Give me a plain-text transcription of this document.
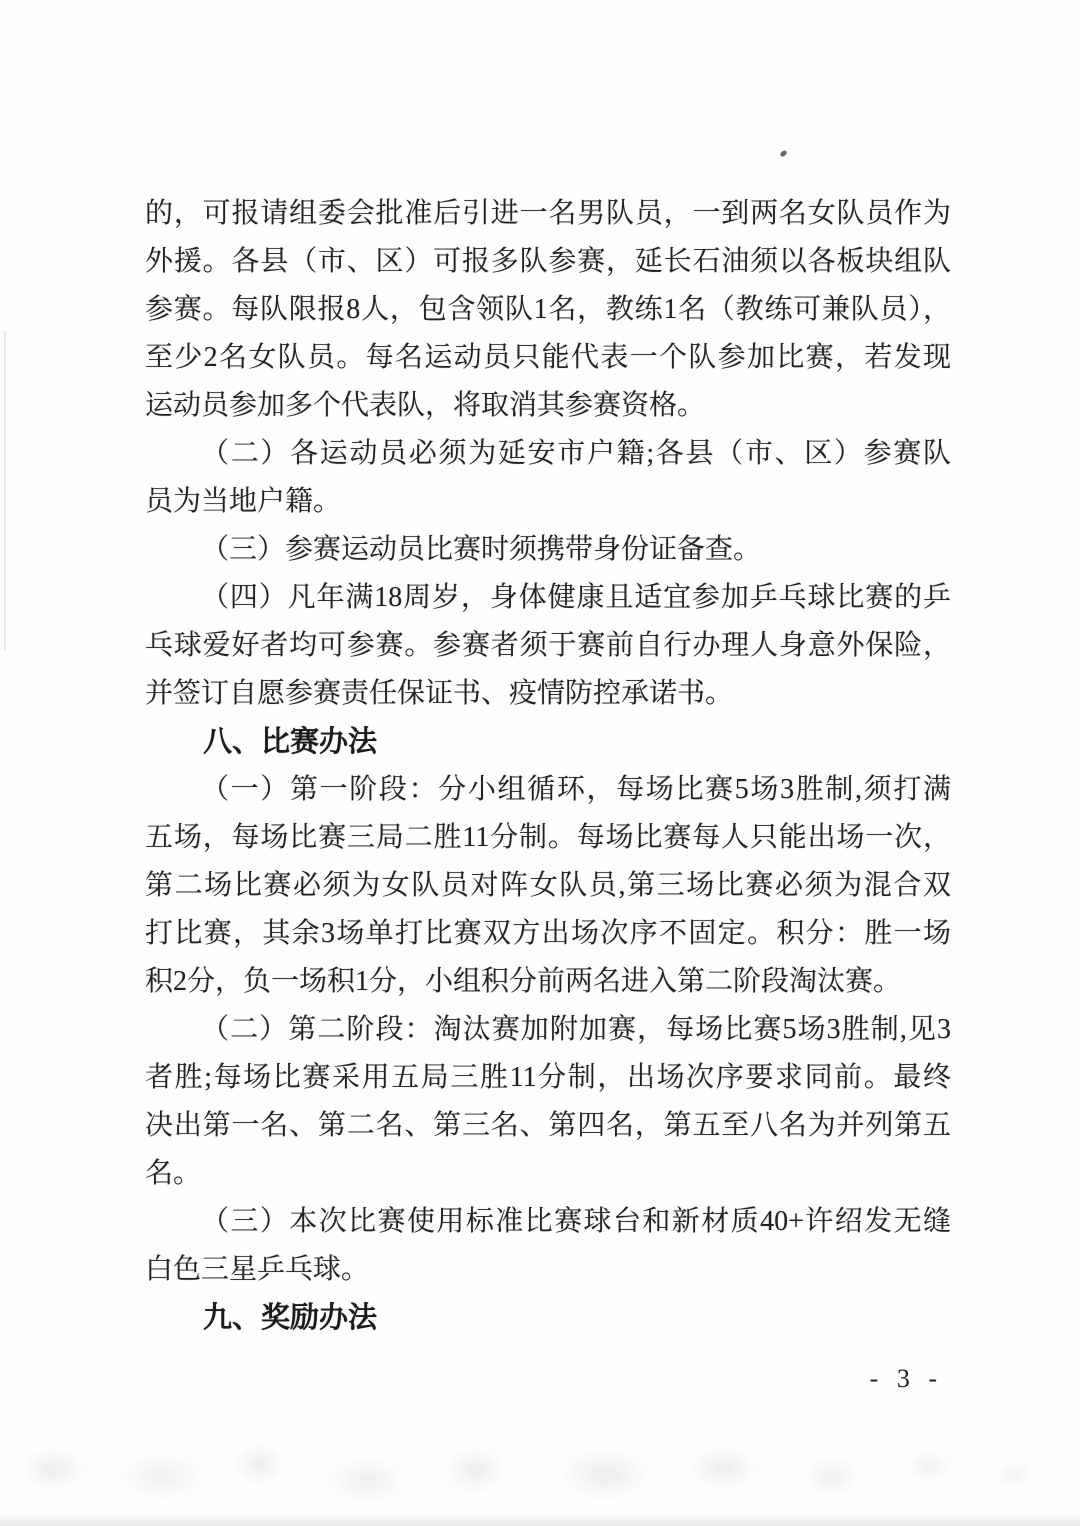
的，可报请组委会批准后引进一名男队员，一到两名女队员作为
外援。各县（市、区）可报多队参赛，延长石油须以各板块组队
参赛。每队限报8人，包含领队1名，教练1名（教练可兼队员），
至少2名女队员。每名运动员只能代表一个队参加比赛，若发现
运动员参加多个代表队，将取消其参赛资格。
（二）各运动员必须为延安市户籍;各县（市、区）参赛队
员为当地户籍。
（三）参赛运动员比赛时须携带身份证备查。
（四）凡年满18周岁，身体健康且适宜参加乒乓球比赛的乒
乓球爱好者均可参赛。参赛者须于赛前自行办理人身意外保险，
并签订自愿参赛责任保证书、疫情防控承诺书。
八、比赛办法
（一）第一阶段：分小组循环，每场比赛5场3胜制,须打满
五场，每场比赛三局二胜11分制。每场比赛每人只能出场一次，
第二场比赛必须为女队员对阵女队员,第三场比赛必须为混合双
打比赛，其余3场单打比赛双方出场次序不固定。积分：胜一场
积2分，负一场积1分，小组积分前两名进入第二阶段淘汰赛。
（二）第二阶段：淘汰赛加附加赛，每场比赛5场3胜制,见3
者胜;每场比赛采用五局三胜11分制，出场次序要求同前。最终
决出第一名、第二名、第三名、第四名，第五至八名为并列第五
名。
（三）本次比赛使用标准比赛球台和新材质40+许绍发无缝
白色三星乒乓球。
九、奖励办法
- 3 -
